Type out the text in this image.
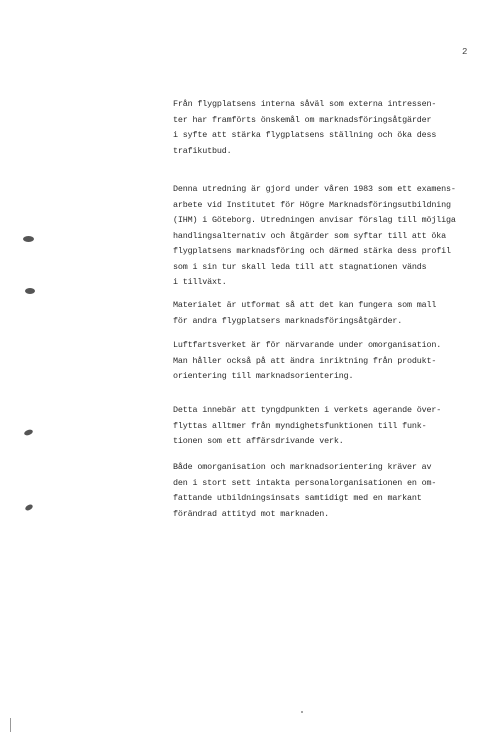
2
Från flygplatsens interna såväl som externa intressen-
ter har framförts önskemål om marknadsföringsåtgärder
i syfte att stärka flygplatsens ställning och öka dess
trafikutbud.
Denna utredning är gjord under våren 1983 som ett examens-
arbete vid Institutet för Högre Marknadsföringsutbildning
(IHM) i Göteborg. Utredningen anvisar förslag till möjliga
handlingsalternativ och åtgärder som syftar till att öka
flygplatsens marknadsföring och därmed stärka dess profil
som i sin tur skall leda till att stagnationen vänds
i tillväxt.
Materialet är utformat så att det kan fungera som mall
för andra flygplatsers marknadsföringsåtgärder.
Luftfartsverket är för närvarande under omorganisation.
Man håller också på att ändra inriktning från produkt-
orientering till marknadsorientering.
Detta innebär att tyngdpunkten i verkets agerande över-
flyttas alltmer från myndighetsfunktionen till funk-
tionen som ett affärsdrivande verk.
Både omorganisation och marknadsorientering kräver av
den i stort sett intakta personalorganisationen en om-
fattande utbildningsinsats samtidigt med en markant
förändrad attityd mot marknaden.
